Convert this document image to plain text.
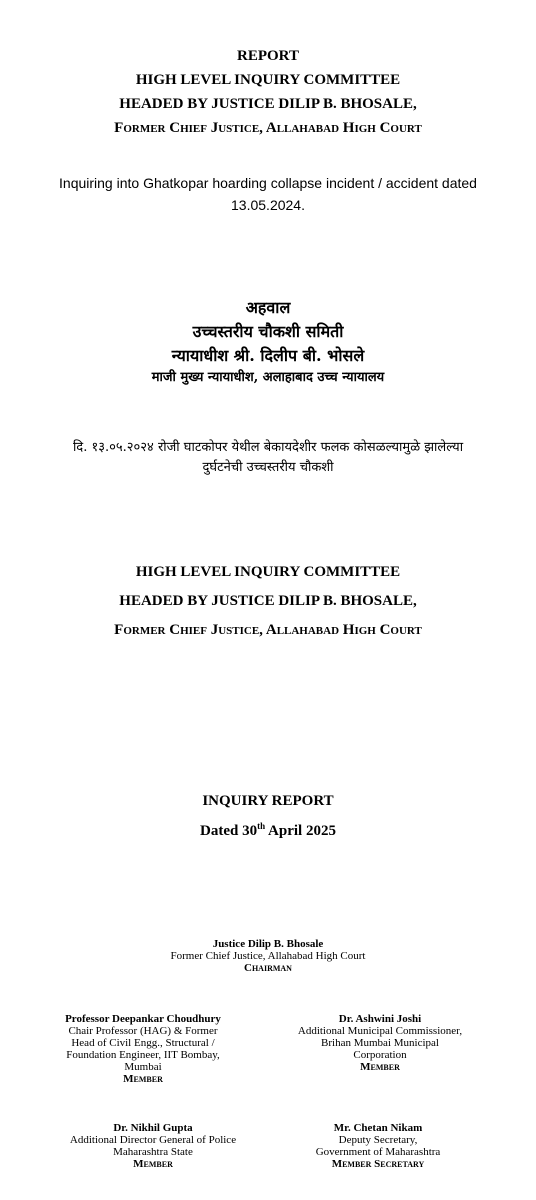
REPORT
HIGH LEVEL INQUIRY COMMITTEE
HEADED BY JUSTICE DILIP B. BHOSALE,
Former Chief Justice, Allahabad High Court
Inquiring into Ghatkopar hoarding collapse incident / accident dated
13.05.2024.
अहवाल
उच्चस्तरीय चौकशी समिती
न्यायाधीश श्री. दिलीप बी. भोसले
माजी मुख्य न्यायाधीश, अलाहाबाद उच्च न्यायालय
दि. १३.०५.२०२४ रोजी घाटकोपर येथील बेकायदेशीर फलक कोसळल्यामुळे झालेल्या
दुर्घटनेची उच्चस्तरीय चौकशी
HIGH LEVEL INQUIRY COMMITTEE
HEADED BY JUSTICE DILIP B. BHOSALE,
Former Chief Justice, Allahabad High Court
INQUIRY REPORT
Dated 30th April 2025
Justice Dilip B. Bhosale
Former Chief Justice, Allahabad High Court
Chairman
Professor Deepankar Choudhury
Chair Professor (HAG) & Former
Head of Civil Engg., Structural /
Foundation Engineer, IIT Bombay,
Mumbai
Member
Dr. Ashwini Joshi
Additional Municipal Commissioner,
Brihan Mumbai Municipal
Corporation
Member
Dr. Nikhil Gupta
Additional Director General of Police
Maharashtra State
Member
Mr. Chetan Nikam
Deputy Secretary,
Government of Maharashtra
Member Secretary
